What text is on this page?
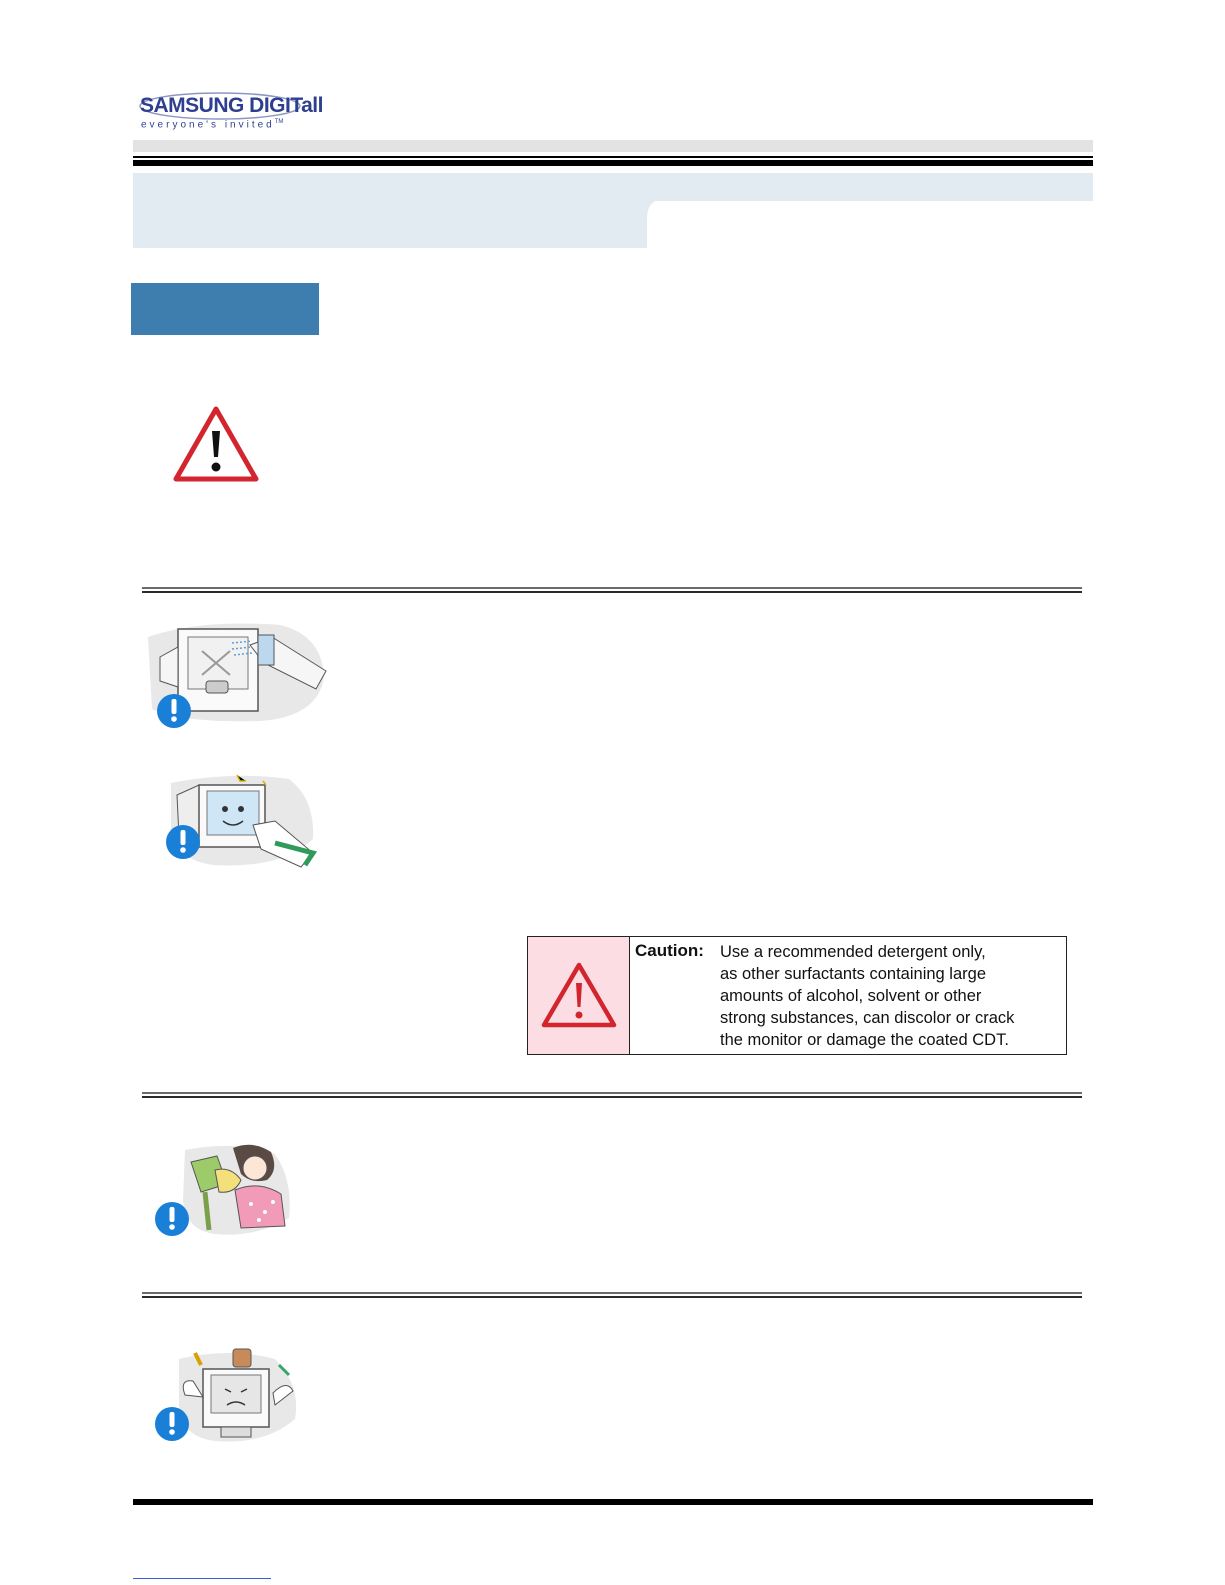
SAMSUNG DIGITall
everyone's invited™
Caution: Use a recommended detergent only,
as other surfactants containing large
amounts of alcohol, solvent or other
strong substances, can discolor or crack
the monitor or damage the coated CDT.
